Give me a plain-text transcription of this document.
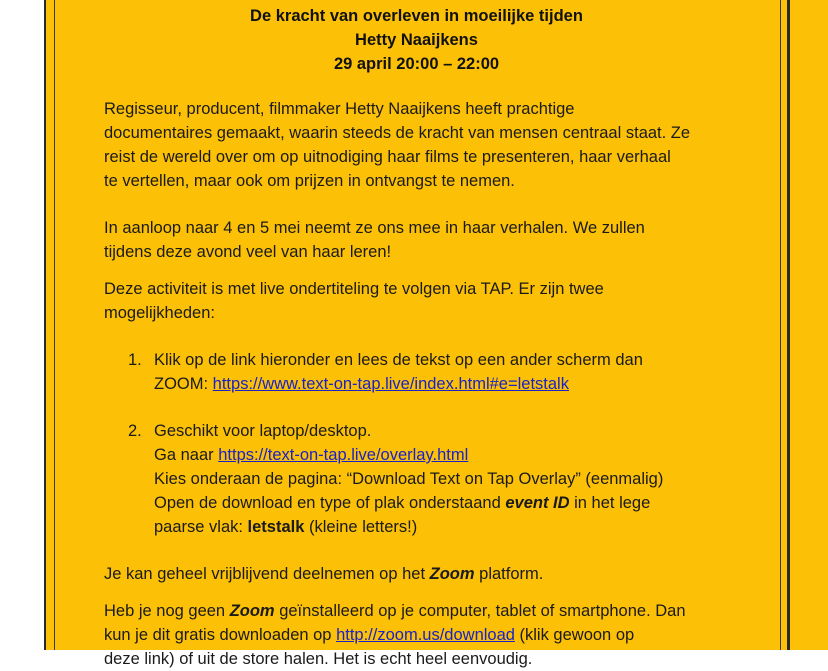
De kracht van overleven in moeilijke tijden
Hetty Naaijkens
29 april 20:00 – 22:00

Regisseur, producent, filmmaker Hetty Naaijkens heeft prachtige
documentaires gemaakt, waarin steeds de kracht van mensen centraal staat. Ze
reist de wereld over om op uitnodiging haar films te presenteren, haar verhaal
te vertellen, maar ook om prijzen in ontvangst te nemen.

In aanloop naar 4 en 5 mei neemt ze ons mee in haar verhalen. We zullen
tijdens deze avond veel van haar leren!

Deze activiteit is met live ondertiteling te volgen via TAP. Er zijn twee
mogelijkheden:

1. Klik op de link hieronder en lees de tekst op een ander scherm dan
ZOOM: https://www.text-on-tap.live/index.html#e=letstalk
2. Geschikt voor laptop/desktop.
Ga naar https://text-on-tap.live/overlay.html
Kies onderaan de pagina: “Download Text on Tap Overlay” (eenmalig)
Open de download en type of plak onderstaand event ID in het lege
paarse vlak: letstalk (kleine letters!)

Je kan geheel vrijblijvend deelnemen op het Zoom platform.

Heb je nog geen Zoom geïnstalleerd op je computer, tablet of smartphone. Dan
kun je dit gratis downloaden op http://zoom.us/download (klik gewoon op
deze link) of uit de store halen. Het is echt heel eenvoudig.
